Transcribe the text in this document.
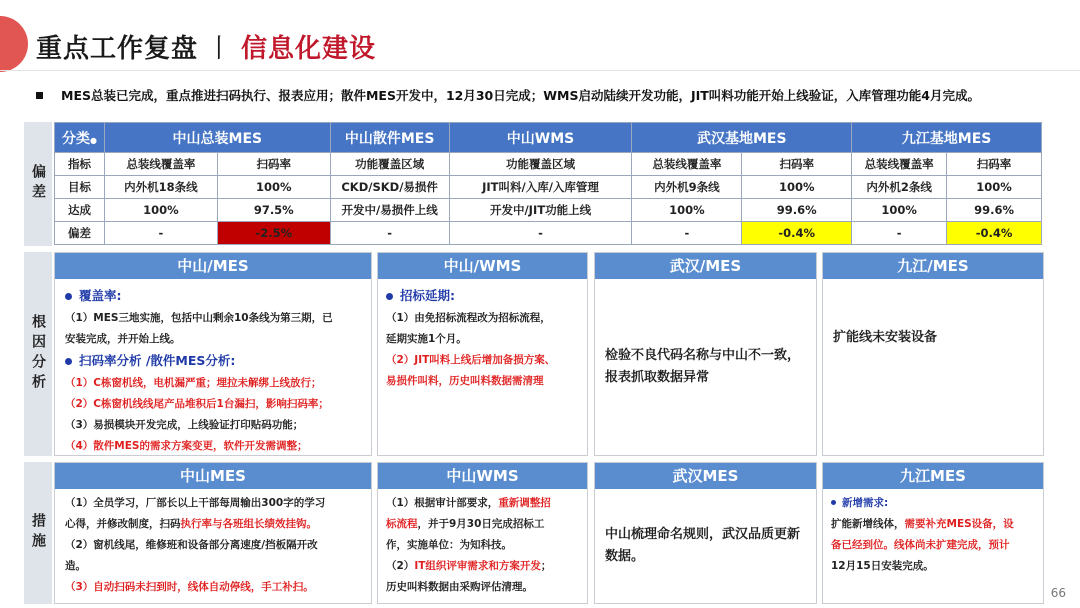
重点工作复盘 丨 信息化建设
MES总装已完成，重点推进扫码执行、报表应用；散件MES开发中，12月30日完成；WMS启动陆续开发功能，JIT叫料功能开始上线验证，入库管理功能4月完成。
偏差
根因分析
措施
分类●	中山总装MES		中山散件MES	中山WMS	武汉基地MES		九江基地MES	
指标	总装线覆盖率	扫码率	功能覆盖区域	功能覆盖区域	总装线覆盖率	扫码率	总装线覆盖率	扫码率
目标	内外机18条线	100%	CKD/SKD/易损件	JIT叫料/入库/入库管理	内外机9条线	100%	内外机2条线	100%
达成	100%	97.5%	开发中/易损件上线	开发中/JIT功能上线	100%	99.6%	100%	99.6%
偏差	-	-2.5%	-	-	-	-0.4%	-	-0.4%
中山/MES
覆盖率:
（1）MES三地实施，包括中山剩余10条线为第三期，已
安装完成，并开始上线。
扫码率分析 /散件MES分析:
（1）C栋窗机线，电机漏严重；埋拉未解绑上线放行；
（2）C栋窗机线线尾产品堆积后1台漏扫，影响扫码率；
（3）易损模块开发完成，上线验证打印贴码功能；
（4）散件MES的需求方案变更，软件开发需调整；
中山/WMS
招标延期:
（1）由免招标流程改为招标流程，
延期实施1个月。
（2）JIT叫料上线后增加备损方案、
易损件叫料，历史叫料数据需清理
武汉/MES
检验不良代码名称与中山不一致，
报表抓取数据异常
九江/MES
扩能线未安装设备
中山MES
（1）全员学习，厂部长以上干部每周输出300字的学习
心得，并修改制度，扫码执行率与各班组长绩效挂钩。
（2）窗机线尾，维修班和设备部分离速度/挡板隔开改
造。
（3）自动扫码未扫到时，线体自动停线，手工补扫。
中山WMS
（1）根据审计部要求，重新调整招
标流程，并于9月30日完成招标工
作，实施单位：为知科技。
（2）IT组织评审需求和方案开发；
历史叫料数据由采购评估清理。
武汉MES
中山梳理命名规则，武汉品质更新
数据。
九江MES
新增需求:
扩能新增线体，需要补充MES设备，设
备已经到位。线体尚未扩建完成，预计
12月15日安装完成。
66
